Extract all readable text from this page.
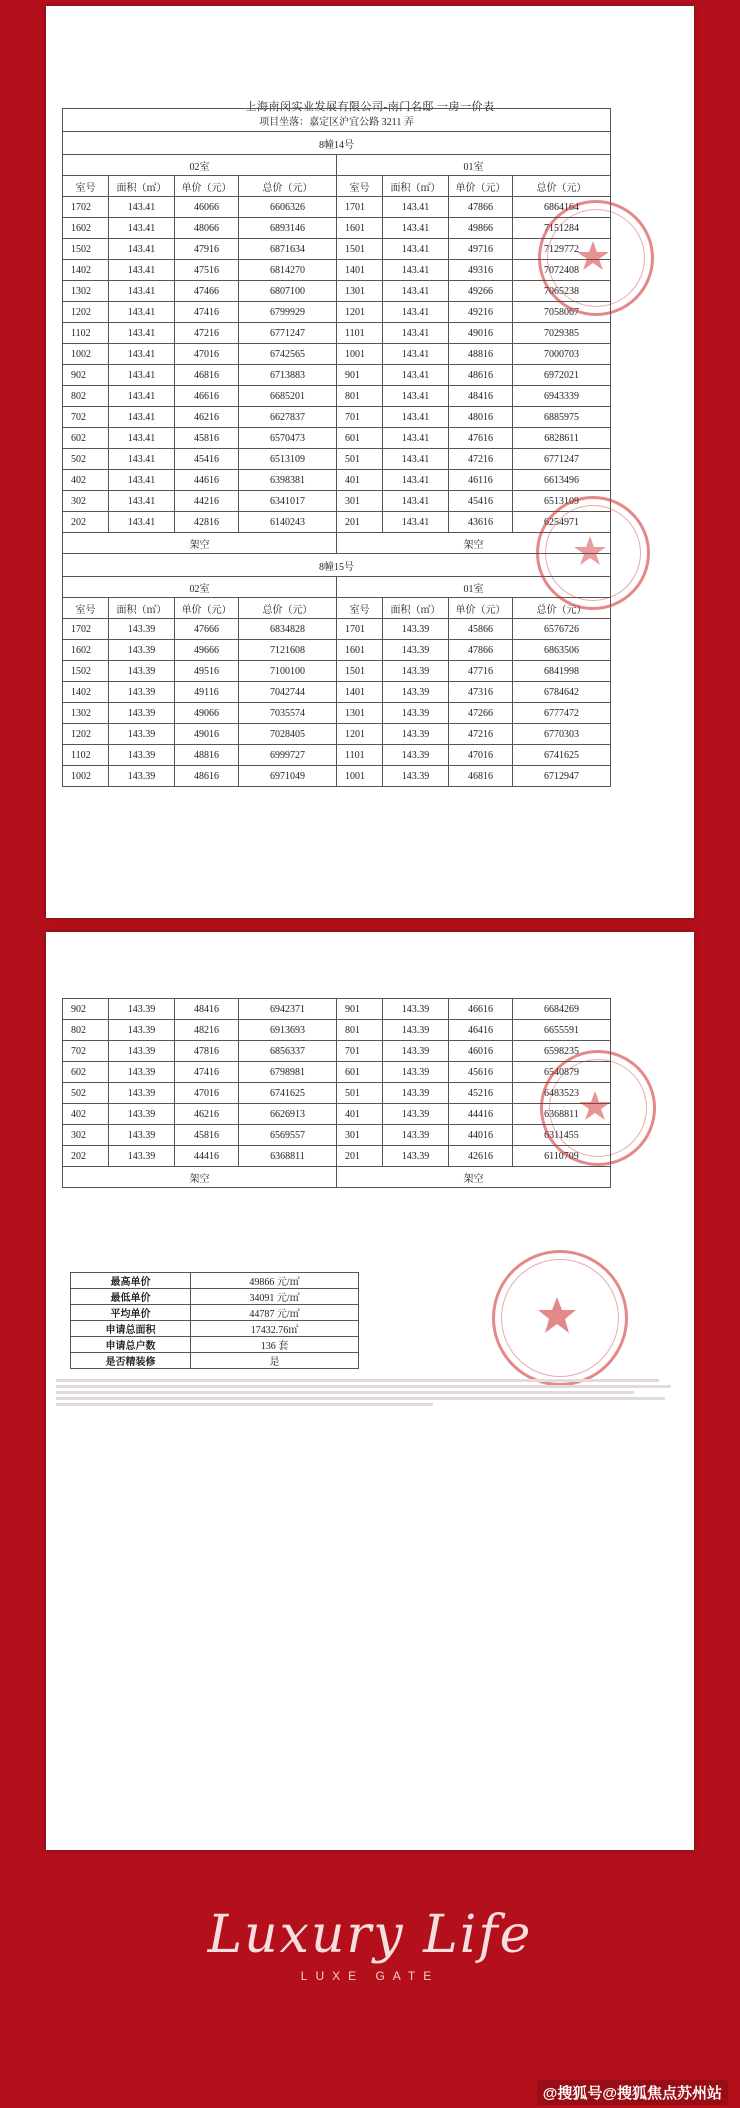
上海南闵实业发展有限公司-南门名邸 一房一价表
项目坐落：嘉定区沪宜公路 3211 弄							
8幢14号							
02室				01室			
室号	面积（㎡）	单价（元）	总价（元）	室号	面积（㎡）	单价（元）	总价（元）
1702	143.41	46066	6606326	1701	143.41	47866	6864164
1602	143.41	48066	6893146	1601	143.41	49866	7151284
1502	143.41	47916	6871634	1501	143.41	49716	7129772
1402	143.41	47516	6814270	1401	143.41	49316	7072408
1302	143.41	47466	6807100	1301	143.41	49266	7065238
1202	143.41	47416	6799929	1201	143.41	49216	7058067
1102	143.41	47216	6771247	1101	143.41	49016	7029385
1002	143.41	47016	6742565	1001	143.41	48816	7000703
902	143.41	46816	6713883	901	143.41	48616	6972021
802	143.41	46616	6685201	801	143.41	48416	6943339
702	143.41	46216	6627837	701	143.41	48016	6885975
602	143.41	45816	6570473	601	143.41	47616	6828611
502	143.41	45416	6513109	501	143.41	47216	6771247
402	143.41	44616	6398381	401	143.41	46116	6613496
302	143.41	44216	6341017	301	143.41	45416	6513109
202	143.41	42816	6140243	201	143.41	43616	6254971
架空				架空			
8幢15号							
02室				01室			
室号	面积（㎡）	单价（元）	总价（元）	室号	面积（㎡）	单价（元）	总价（元）
1702	143.39	47666	6834828	1701	143.39	45866	6576726
1602	143.39	49666	7121608	1601	143.39	47866	6863506
1502	143.39	49516	7100100	1501	143.39	47716	6841998
1402	143.39	49116	7042744	1401	143.39	47316	6784642
1302	143.39	49066	7035574	1301	143.39	47266	6777472
1202	143.39	49016	7028405	1201	143.39	47216	6770303
1102	143.39	48816	6999727	1101	143.39	47016	6741625
1002	143.39	48616	6971049	1001	143.39	46816	6712947
902	143.39	48416	6942371	901	143.39	46616	6684269
802	143.39	48216	6913693	801	143.39	46416	6655591
702	143.39	47816	6856337	701	143.39	46016	6598235
602	143.39	47416	6798981	601	143.39	45616	6540879
502	143.39	47016	6741625	501	143.39	45216	6483523
402	143.39	46216	6626913	401	143.39	44416	6368811
302	143.39	45816	6569557	301	143.39	44016	6311455
202	143.39	44416	6368811	201	143.39	42616	6110709
架空				架空			
最高单价	49866 元/㎡
最低单价	34091 元/㎡
平均单价	44787 元/㎡
申请总面积	17432.76㎡
申请总户数	136 套
是否精装修	是
Luxury Life
LUXE GATE
@搜狐号@搜狐焦点苏州站
